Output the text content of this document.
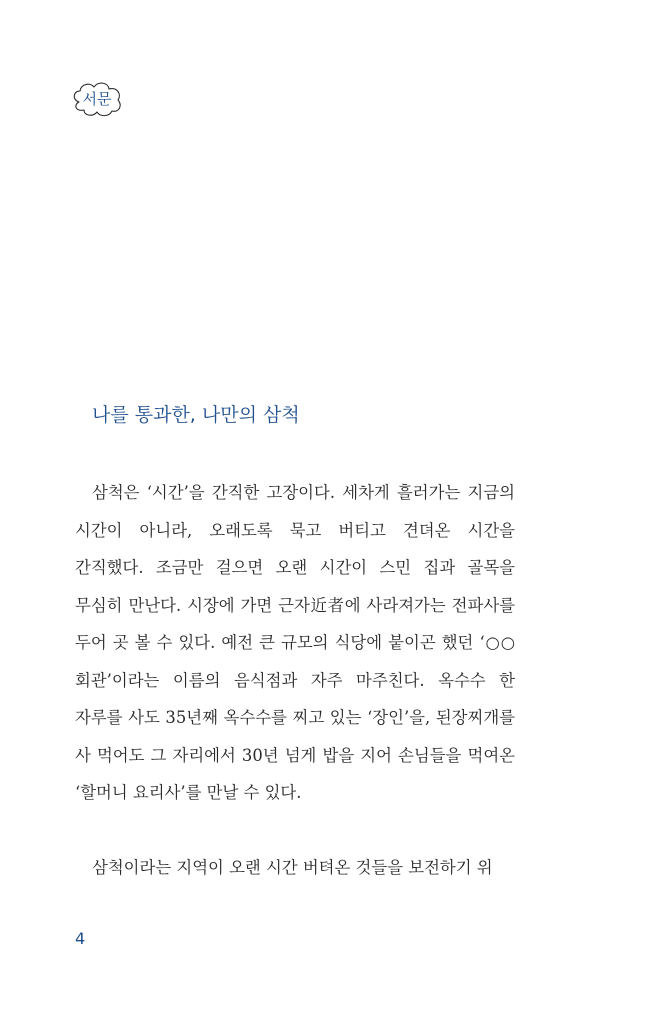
서문
나를 통과한, 나만의 삼척

삼척은 ‘시간’을 간직한 고장이다. 세차게 흘러가는 지금의 시간이 아니라, 오래도록 묵고 버티고 견뎌온 시간을 간직했다. 조금만 걸으면 오랜 시간이 스민 집과 골목을 무심히 만난다. 시장에 가면 근자近者에 사라져가는 전파사를 두어 곳 볼 수 있다. 예전 큰 규모의 식당에 붙이곤 했던 ‘○○회관’이라는 이름의 음식점과 자주 마주친다. 옥수수 한 자루를 사도 35년째 옥수수를 찌고 있는 ‘장인’을, 된장찌개를 사 먹어도 그 자리에서 30년 넘게 밥을 지어 손님들을 먹여온 ‘할머니 요리사’를 만날 수 있다.

삼척이라는 지역이 오랜 시간 버텨온 것들을 보전하기 위

4
